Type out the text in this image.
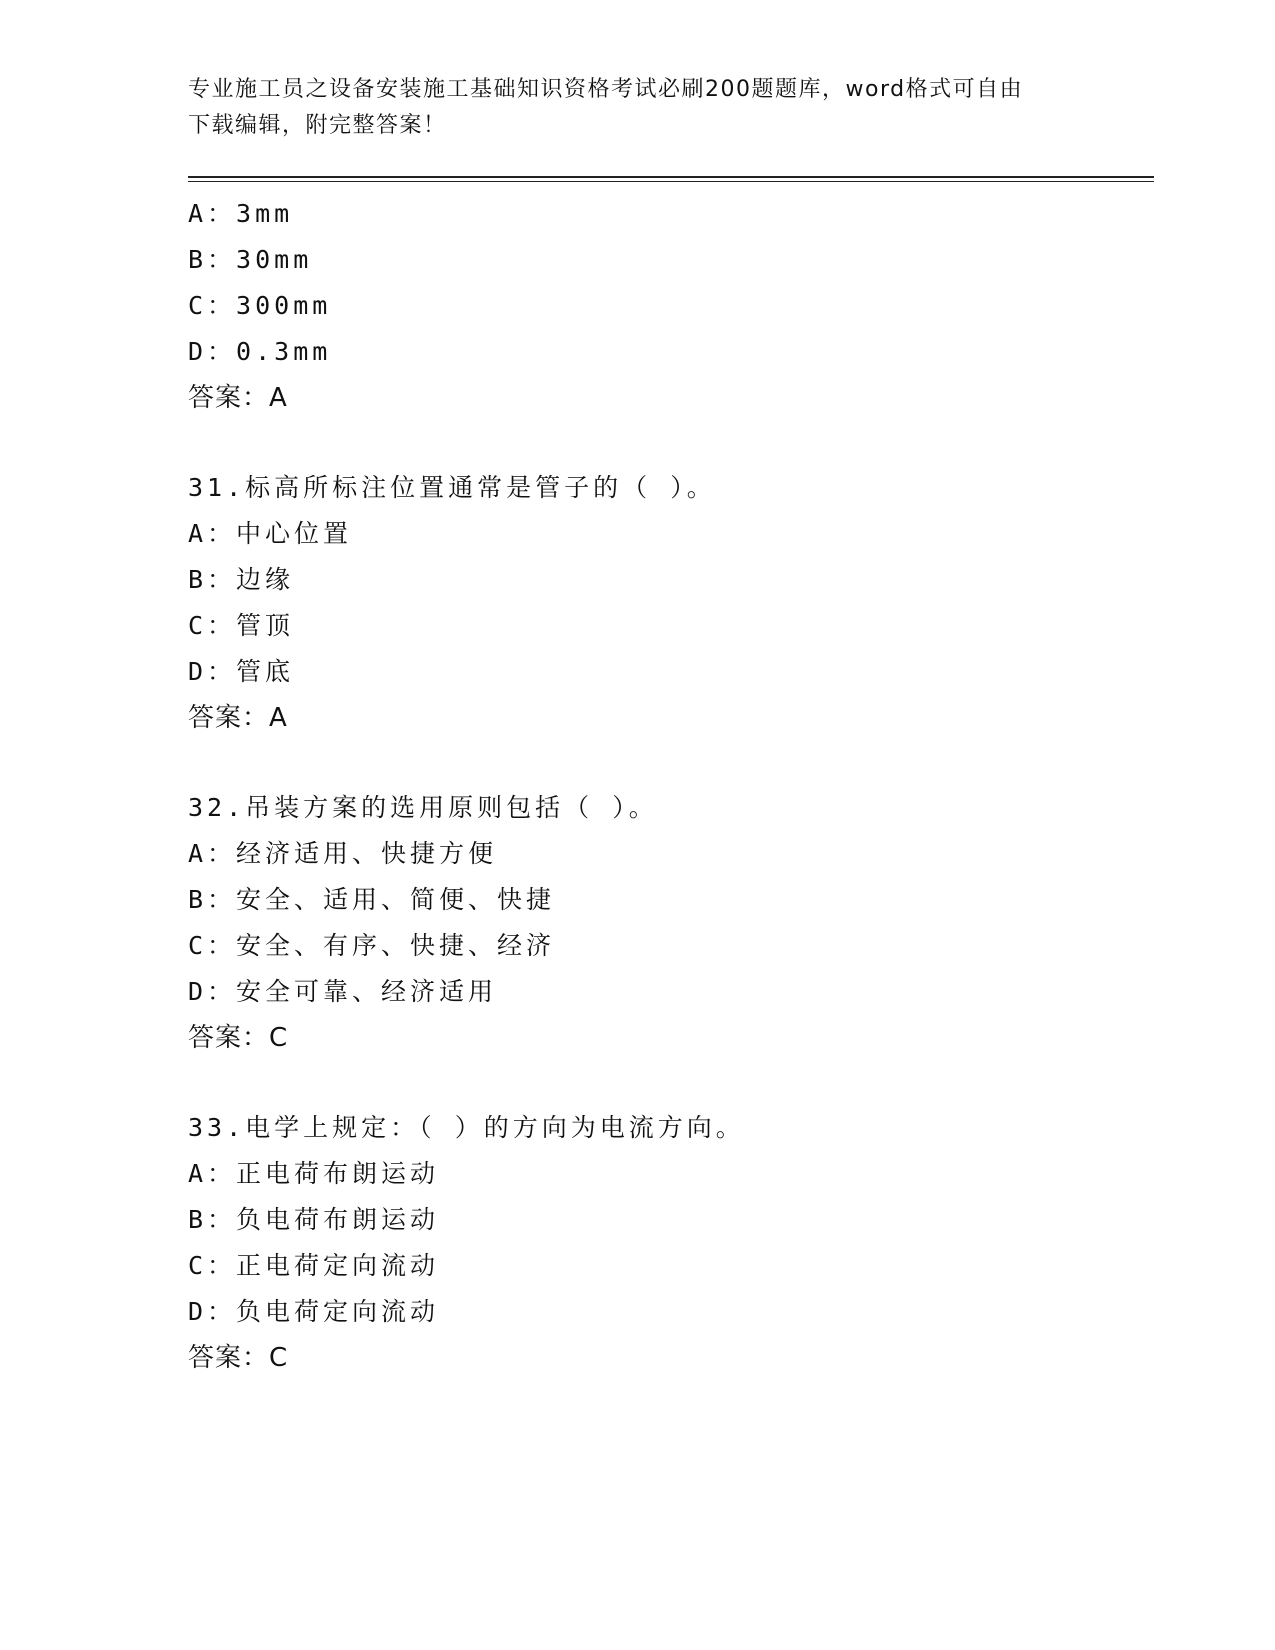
专业施工员之设备安装施工基础知识资格考试必刷200题题库，word格式可自由
下载编辑，附完整答案！
A：3mm
B：30mm
C：300mm
D：0.3mm
答案：A
31.标高所标注位置通常是管子的（ ）。
A：中心位置
B：边缘
C：管顶
D：管底
答案：A
32.吊装方案的选用原则包括（ ）。
A：经济适用、快捷方便
B：安全、适用、简便、快捷
C：安全、有序、快捷、经济
D：安全可靠、经济适用
答案：C
33.电学上规定：（ ）的方向为电流方向。
A：正电荷布朗运动
B：负电荷布朗运动
C：正电荷定向流动
D：负电荷定向流动
答案：C
